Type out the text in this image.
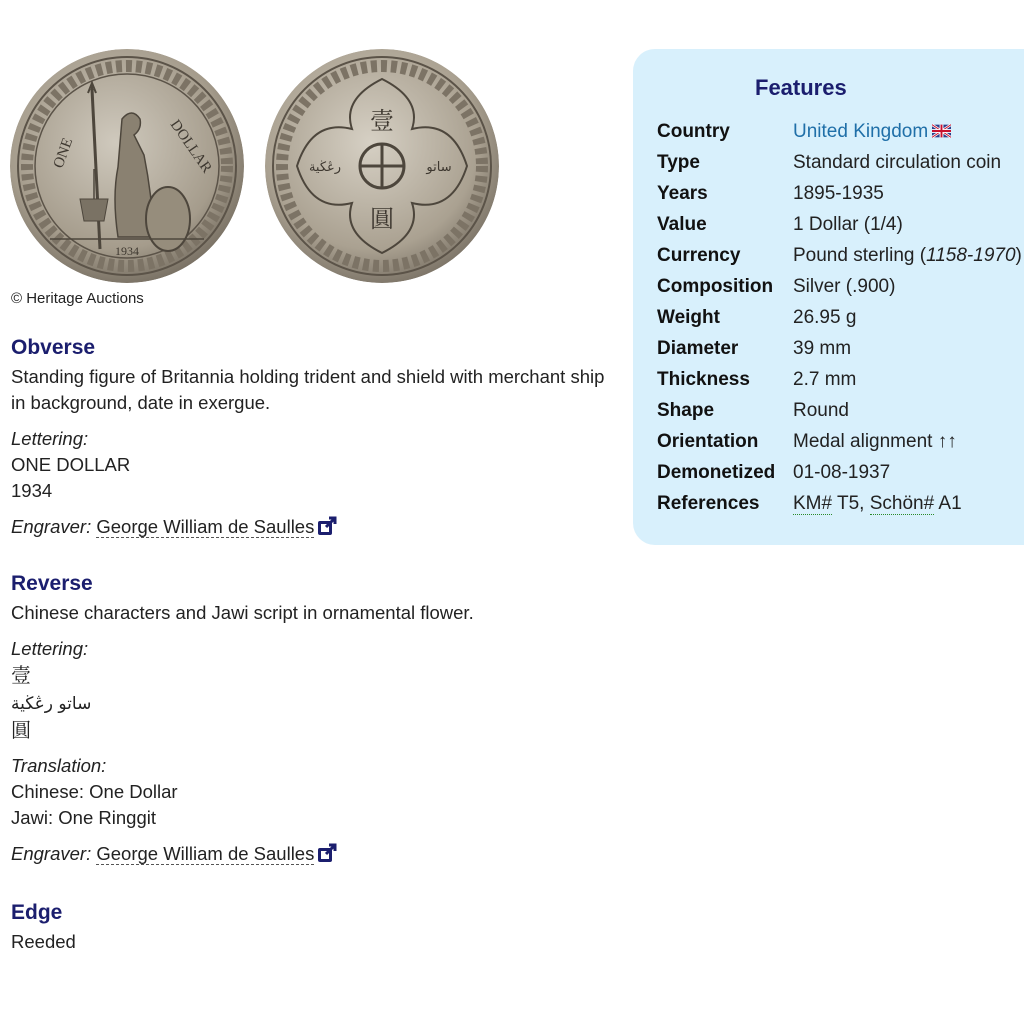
ONE	DOLLAR
1934
壹
圓
رڠڬية	ساتو
© Heritage Auctions
Obverse

Standing figure of Britannia holding trident and shield with merchant ship in background, date in exergue.

Lettering:
ONE DOLLAR
1934
Engraver: George William de Saulles
Reverse

Chinese characters and Jawi script in ornamental flower.

Lettering:
壹
ساتو رڠڬية
圓
Translation:
Chinese: One Dollar
Jawi: One Ringgit
Engraver: George William de Saulles
Edge
Reeded
Features
Country	United Kingdom
Type	Standard circulation coin
Years	1895-1935
Value	1 Dollar (1/4)
Currency	Pound sterling (1158-1970)
Composition Silver (.900)
Weight	26.95 g
Diameter	39 mm
Thickness 2.7 mm
Shape	Round
Orientation Medal alignment ↑↑
Demonetized 01-08-1937
References KM# T5, Schön# A1
